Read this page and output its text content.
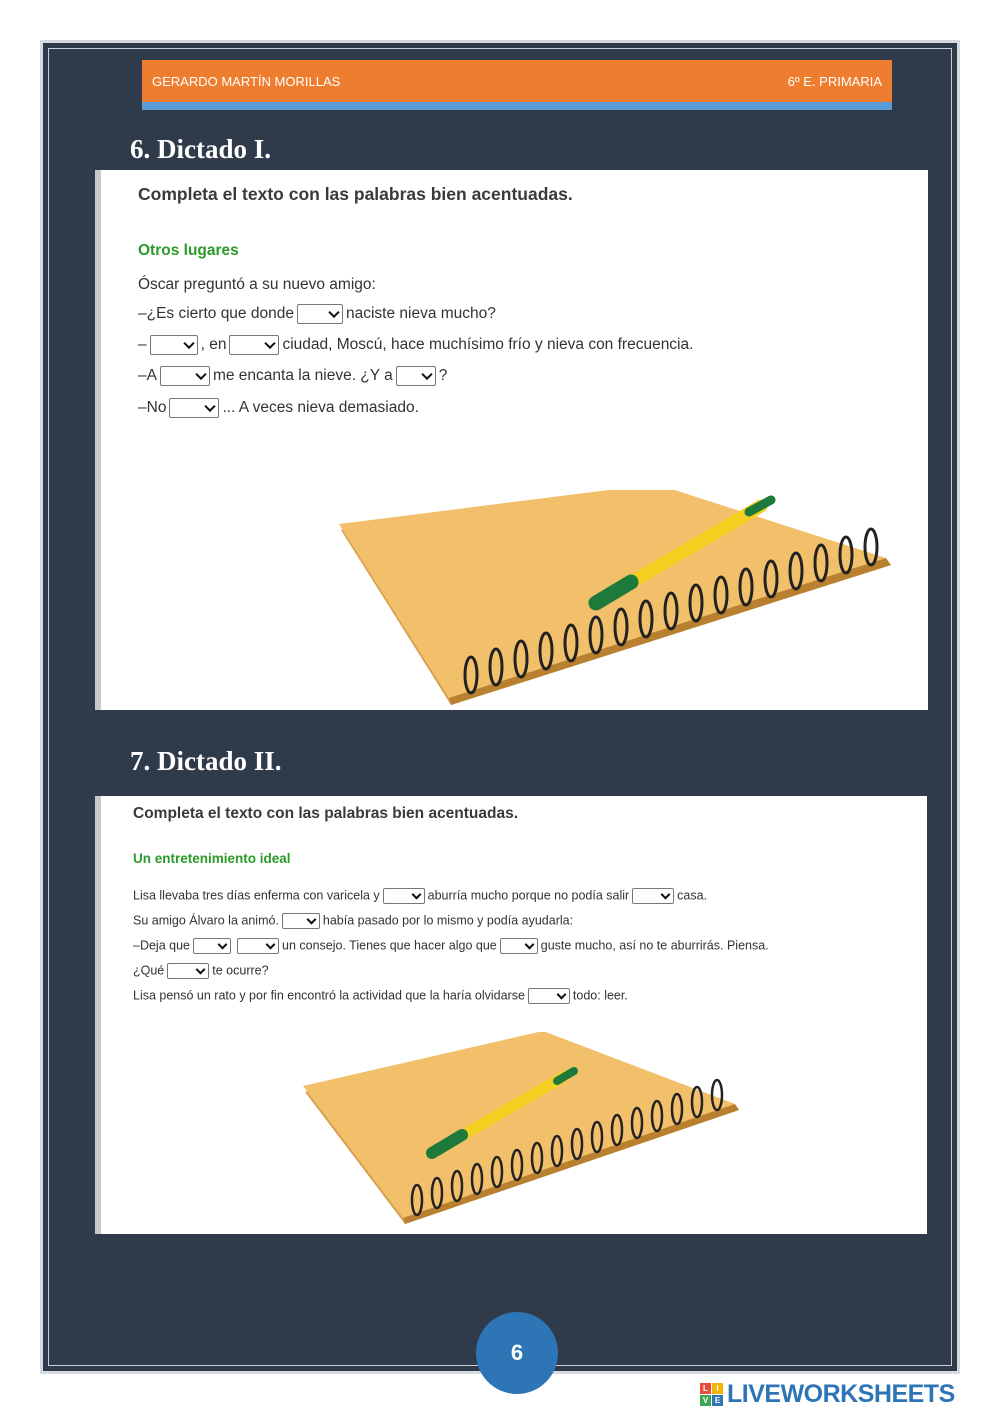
GERARDO MARTÍN MORILLAS	6º E. PRIMARIA
6. Dictado I.
Completa el texto con las palabras bien acentuadas.
Otros lugares
Óscar preguntó a su nuevo amigo:
–¿Es cierto que donde	naciste nieva mucho?
–	, en	ciudad, Moscú, hace muchísimo frío y nieva con frecuencia.
–A	me encanta la nieve. ¿Y a	?
–No	... A veces nieva demasiado.
7. Dictado II.
Completa el texto con las palabras bien acentuadas.
Un entretenimiento ideal
Lisa llevaba tres días enferma con varicela y	aburría mucho porque no podía salir	casa.
Su amigo Álvaro la animó.	había pasado por lo mismo y podía ayudarla:
–Deja que	un consejo. Tienes que hacer algo que	guste mucho, así no te aburrirás. Piensa.
¿Qué	te ocurre?
Lisa pensó un rato y por fin encontró la actividad que la haría olvidarse	todo: leer.
6
L	I
V E LIVEWORKSHEETS
